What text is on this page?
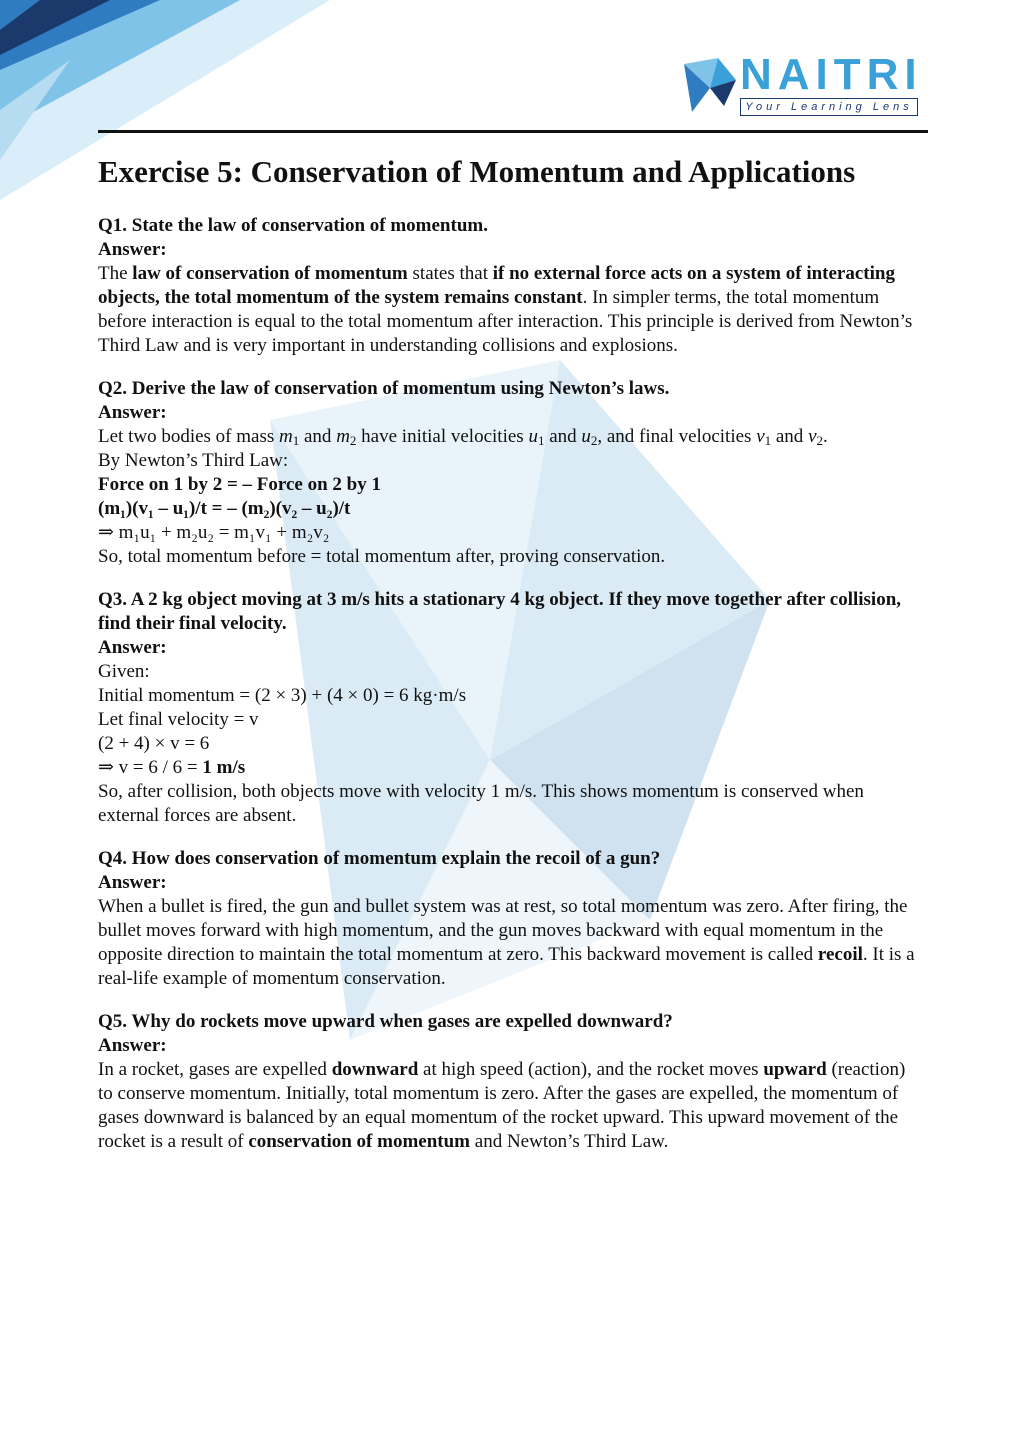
NAITRI
Your Learning Lens
Exercise 5: Conservation of Momentum and Applications

Q1. State the law of conservation of momentum.

Answer:

The law of conservation of momentum states that if no external force acts on a system of interacting objects, the total momentum of the system remains constant. In simpler terms, the total momentum before interaction is equal to the total momentum after interaction. This principle is derived from Newton’s Third Law and is very important in understanding collisions and explosions.

Q2. Derive the law of conservation of momentum using Newton’s laws.

Answer:

Let two bodies of mass $m_1$ and $m_2$ have initial velocities $u_1$ and $u_2$, and final velocities $v_1$ and $v_2$.

By Newton’s Third Law:

Force on 1 by 2 = – Force on 2 by 1

(m₁)(v₁ – u₁)/t = – (m₂)(v₂ – u₂)/t

⇒ m₁u₁ + m₂u₂ = m₁v₁ + m₂v₂

So, total momentum before = total momentum after, proving conservation.

Q3. A 2 kg object moving at 3 m/s hits a stationary 4 kg object. If they move together after collision, find their final velocity.

Answer:

Given:

Initial momentum = (2 × 3) + (4 × 0) = 6 kg·m/s

Let final velocity = v

(2 + 4) × v = 6

⇒ v = 6 / 6 = 1 m/s

So, after collision, both objects move with velocity 1 m/s. This shows momentum is conserved when external forces are absent.

Q4. How does conservation of momentum explain the recoil of a gun?

Answer:

When a bullet is fired, the gun and bullet system was at rest, so total momentum was zero. After firing, the bullet moves forward with high momentum, and the gun moves backward with equal momentum in the opposite direction to maintain the total momentum at zero. This backward movement is called recoil. It is a real-life example of momentum conservation.

Q5. Why do rockets move upward when gases are expelled downward?

Answer:

In a rocket, gases are expelled downward at high speed (action), and the rocket moves upward (reaction) to conserve momentum. Initially, total momentum is zero. After the gases are expelled, the momentum of gases downward is balanced by an equal momentum of the rocket upward. This upward movement of the rocket is a result of conservation of momentum and Newton’s Third Law.
